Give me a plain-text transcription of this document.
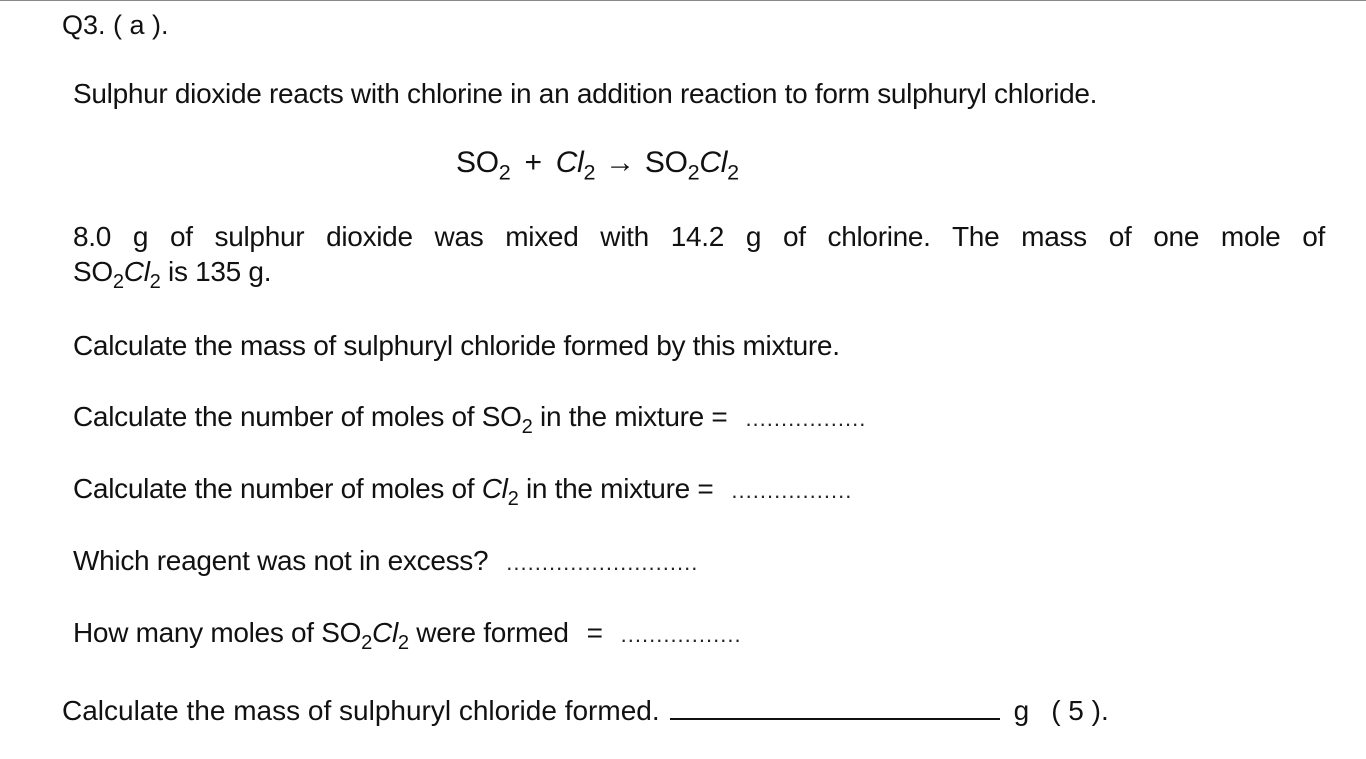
Q3. ( a ).
Sulphur dioxide reacts with chlorine in an addition reaction to form sulphuryl chloride.
$SO_2 + Cl_2 \to SO_2Cl_2$
8.0 g of sulphur dioxide was mixed with 14.2 g of chlorine. The mass of one mole of
$SO_2Cl_2$ is 135 g.
Calculate the mass of sulphuryl chloride formed by this mixture.
Calculate the number of moles of $SO_2$ in the mixture = .................
Calculate the number of moles of $Cl_2$ in the mixture = .................
Which reagent was not in excess? ...........................
How many moles of $SO_2Cl_2$ were formed = .................
Calculate the mass of sulphuryl chloride formed.	g ( 5 ).
